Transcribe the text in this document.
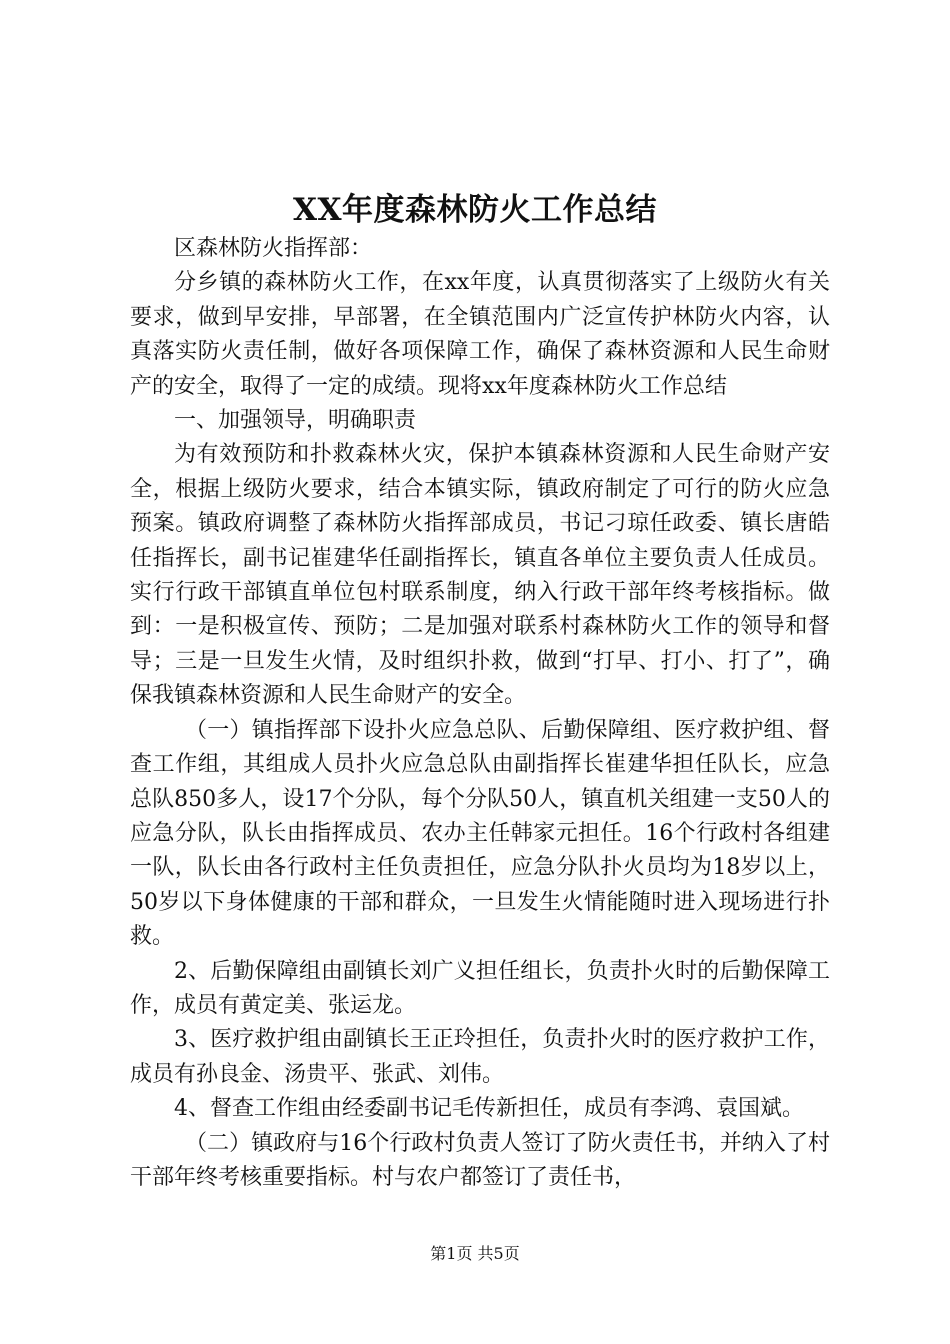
XX年度森林防火工作总结

区森林防火指挥部：

分乡镇的森林防火工作，在xx年度，认真贯彻落实了上级防火有关要求，做到早安排，早部署，在全镇范围内广泛宣传护林防火内容，认真落实防火责任制，做好各项保障工作，确保了森林资源和人民生命财产的安全，取得了一定的成绩。现将xx年度森林防火工作总结

一、加强领导，明确职责

为有效预防和扑救森林火灾，保护本镇森林资源和人民生命财产安全，根据上级防火要求，结合本镇实际，镇政府制定了可行的防火应急预案。镇政府调整了森林防火指挥部成员，书记刁琼任政委、镇长唐皓任指挥长，副书记崔建华任副指挥长，镇直各单位主要负责人任成员。实行行政干部镇直单位包村联系制度，纳入行政干部年终考核指标。做到：一是积极宣传、预防；二是加强对联系村森林防火工作的领导和督导；三是一旦发生火情，及时组织扑救，做到“打早、打小、打了”，确保我镇森林资源和人民生命财产的安全。

（一）镇指挥部下设扑火应急总队、后勤保障组、医疗救护组、督查工作组，其组成人员扑火应急总队由副指挥长崔建华担任队长，应急总队850多人，设17个分队，每个分队50人，镇直机关组建一支50人的应急分队，队长由指挥成员、农办主任韩家元担任。16个行政村各组建一队，队长由各行政村主任负责担任，应急分队扑火员均为18岁以上，50岁以下身体健康的干部和群众，一旦发生火情能随时进入现场进行扑救。

2、后勤保障组由副镇长刘广义担任组长，负责扑火时的后勤保障工作，成员有黄定美、张运龙。

3、医疗救护组由副镇长王正玲担任，负责扑火时的医疗救护工作，成员有孙良金、汤贵平、张武、刘伟。

4、督查工作组由经委副书记毛传新担任，成员有李鸿、袁国斌。

（二）镇政府与16个行政村负责人签订了防火责任书，并纳入了村干部年终考核重要指标。村与农户都签订了责任书，

第1页 共5页
